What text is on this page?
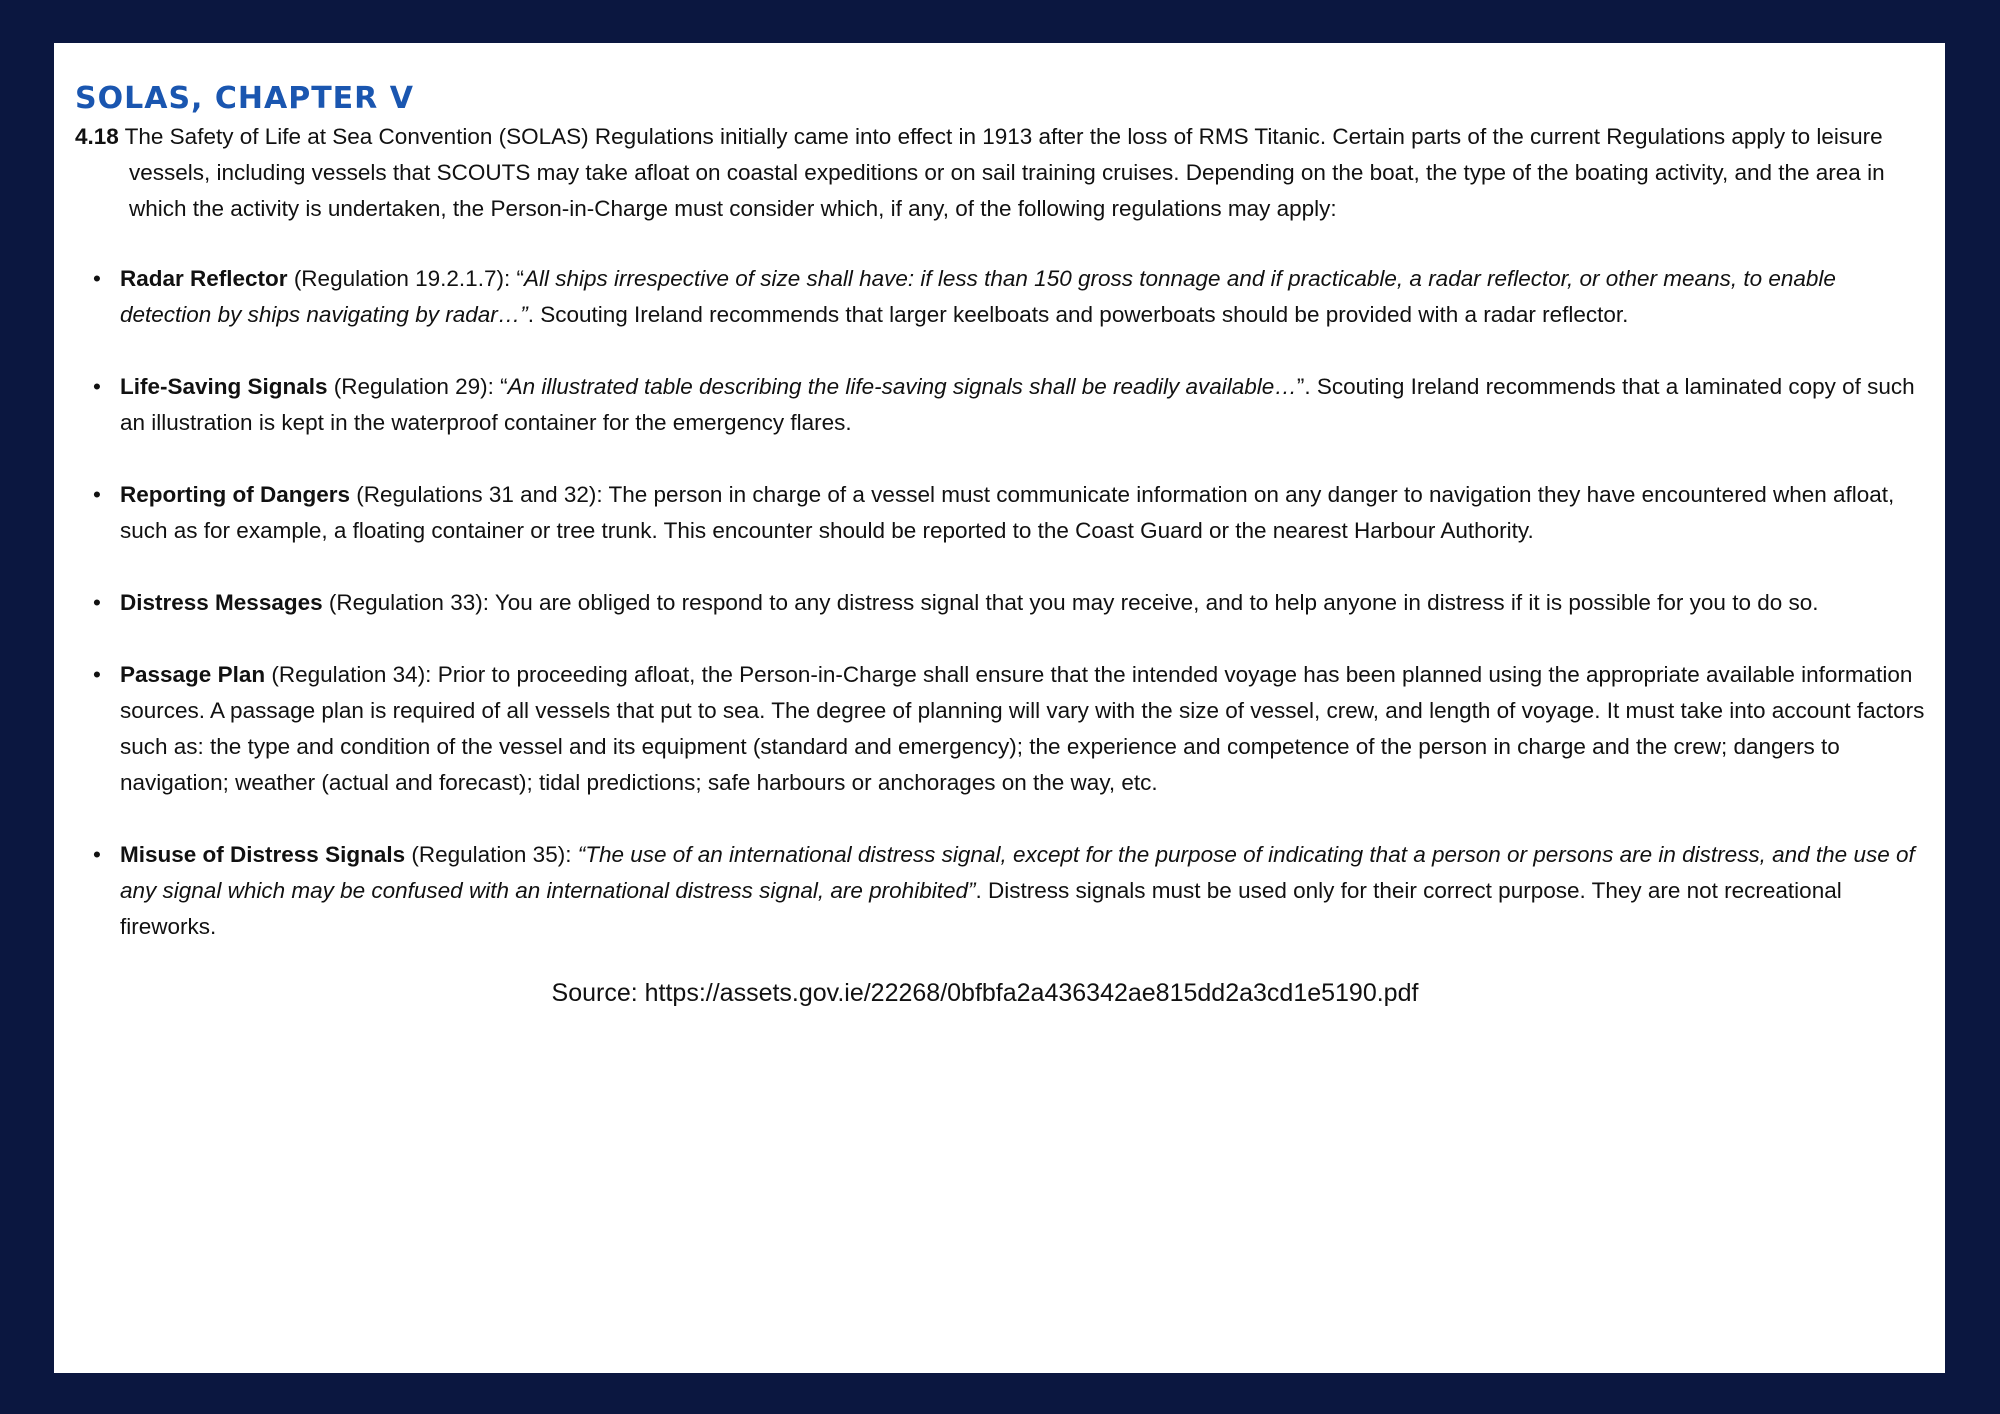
SOLAS, CHAPTER V

4.18 The Safety of Life at Sea Convention (SOLAS) Regulations initially came into effect in 1913 after the loss of RMS Titanic. Certain parts of the current Regulations apply to leisure vessels, including vessels that SCOUTS may take afloat on coastal expeditions or on sail training cruises. Depending on the boat, the type of the boating activity, and the area in which the activity is undertaken, the Person-in-Charge must consider which, if any, of the following regulations may apply:

• Radar Reflector (Regulation 19.2.1.7): “All ships irrespective of size shall have: if less than 150 gross tonnage and if practicable, a radar reflector, or other means, to enable detection by ships navigating by radar…”. Scouting Ireland recommends that larger keelboats and powerboats should be provided with a radar reflector.
• Life-Saving Signals (Regulation 29): “An illustrated table describing the life-saving signals shall be readily available…”. Scouting Ireland recommends that a laminated copy of such an illustration is kept in the waterproof container for the emergency flares.
• Reporting of Dangers (Regulations 31 and 32): The person in charge of a vessel must communicate information on any danger to navigation they have encountered when afloat, such as for example, a floating container or tree trunk. This encounter should be reported to the Coast Guard or the nearest Harbour Authority.
• Distress Messages (Regulation 33): You are obliged to respond to any distress signal that you may receive, and to help anyone in distress if it is possible for you to do so.
• Passage Plan (Regulation 34): Prior to proceeding afloat, the Person-in-Charge shall ensure that the intended voyage has been planned using the appropriate available information sources. A passage plan is required of all vessels that put to sea. The degree of planning will vary with the size of vessel, crew, and length of voyage. It must take into account factors such as: the type and condition of the vessel and its equipment (standard and emergency); the experience and competence of the person in charge and the crew; dangers to navigation; weather (actual and forecast); tidal predictions; safe harbours or anchorages on the way, etc.
• Misuse of Distress Signals (Regulation 35): “The use of an international distress signal, except for the purpose of indicating that a person or persons are in distress, and the use of any signal which may be confused with an international distress signal, are prohibited”. Distress signals must be used only for their correct purpose. They are not recreational fireworks.
Source: https://assets.gov.ie/22268/0bfbfa2a436342ae815dd2a3cd1e5190.pdf
